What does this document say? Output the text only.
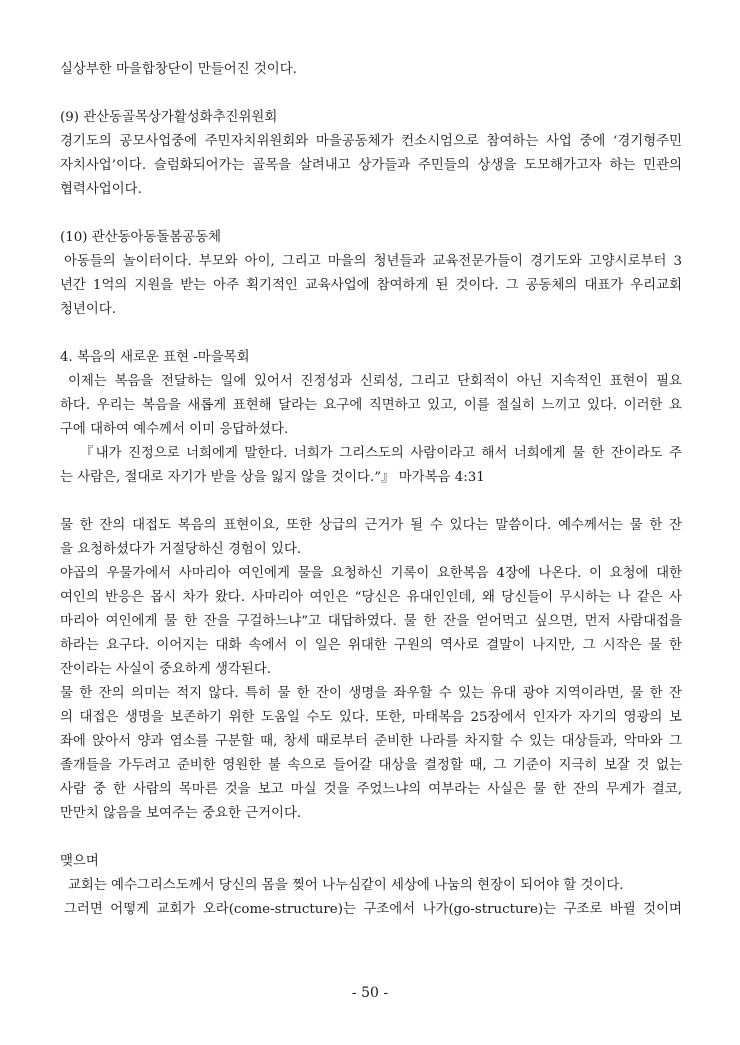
실상부한 마을합창단이 만들어진 것이다.
(9) 관산동골목상가활성화추진위원회
경기도의 공모사업중에 주민자치위원회와 마을공동체가 컨소시엄으로 참여하는 사업 중에 ‘경기형주민
자치사업’이다. 슬럼화되어가는 골목을 살려내고 상가들과 주민들의 상생을 도모해가고자 하는 민관의
협력사업이다.
(10) 관산동아동돌봄공동체
아동들의 놀이터이다. 부모와 아이, 그리고 마을의 청년들과 교육전문가들이 경기도와 고양시로부터 3
년간 1억의 지원을 받는 아주 획기적인 교육사업에 참여하게 된 것이다. 그 공동체의 대표가 우리교회
청년이다.
4. 복음의 새로운 표현 -마을목회
이제는 복음을 전달하는 일에 있어서 진정성과 신뢰성, 그리고 단회적이 아닌 지속적인 표현이 필요
하다. 우리는 복음을 새롭게 표현해 달라는 요구에 직면하고 있고, 이를 절실히 느끼고 있다. 이러한 요
구에 대하여 예수께서 이미 응답하셨다.
『내가 진정으로 너희에게 말한다. 너희가 그리스도의 사람이라고 해서 너희에게 물 한 잔이라도 주
는 사람은, 절대로 자기가 받을 상을 잃지 않을 것이다.”』 마가복음 4:31
물 한 잔의 대접도 복음의 표현이요, 또한 상급의 근거가 될 수 있다는 말씀이다. 예수께서는 물 한 잔
을 요청하셨다가 거절당하신 경험이 있다.
야곱의 우물가에서 사마리아 여인에게 물을 요청하신 기록이 요한복음 4장에 나온다. 이 요청에 대한
여인의 반응은 몹시 차가 왔다. 사마리아 여인은 “당신은 유대인인데, 왜 당신들이 무시하는 나 같은 사
마리아 여인에게 물 한 잔을 구걸하느냐”고 대답하였다. 물 한 잔을 얻어먹고 싶으면, 먼저 사람대접을
하라는 요구다. 이어지는 대화 속에서 이 일은 위대한 구원의 역사로 결말이 나지만, 그 시작은 물 한
잔이라는 사실이 중요하게 생각된다.
물 한 잔의 의미는 적지 않다. 특히 물 한 잔이 생명을 좌우할 수 있는 유대 광야 지역이라면, 물 한 잔
의 대접은 생명을 보존하기 위한 도움일 수도 있다. 또한, 마태복음 25장에서 인자가 자기의 영광의 보
좌에 앉아서 양과 염소를 구분할 때, 창세 때로부터 준비한 나라를 차지할 수 있는 대상들과, 악마와 그
졸개들을 가두려고 준비한 영원한 불 속으로 들어갈 대상을 결정할 때, 그 기준이 지극히 보잘 것 없는
사람 중 한 사람의 목마른 것을 보고 마실 것을 주었느냐의 여부라는 사실은 물 한 잔의 무게가 결코,
만만치 않음을 보여주는 중요한 근거이다.
맺으며
교회는 예수그리스도께서 당신의 몸을 찢어 나누심같이 세상에 나눔의 현장이 되어야 할 것이다.
그러면 어떻게 교회가 오라(come-structure)는 구조에서 나가(go-structure)는 구조로 바뀔 것이며
- 50 -
